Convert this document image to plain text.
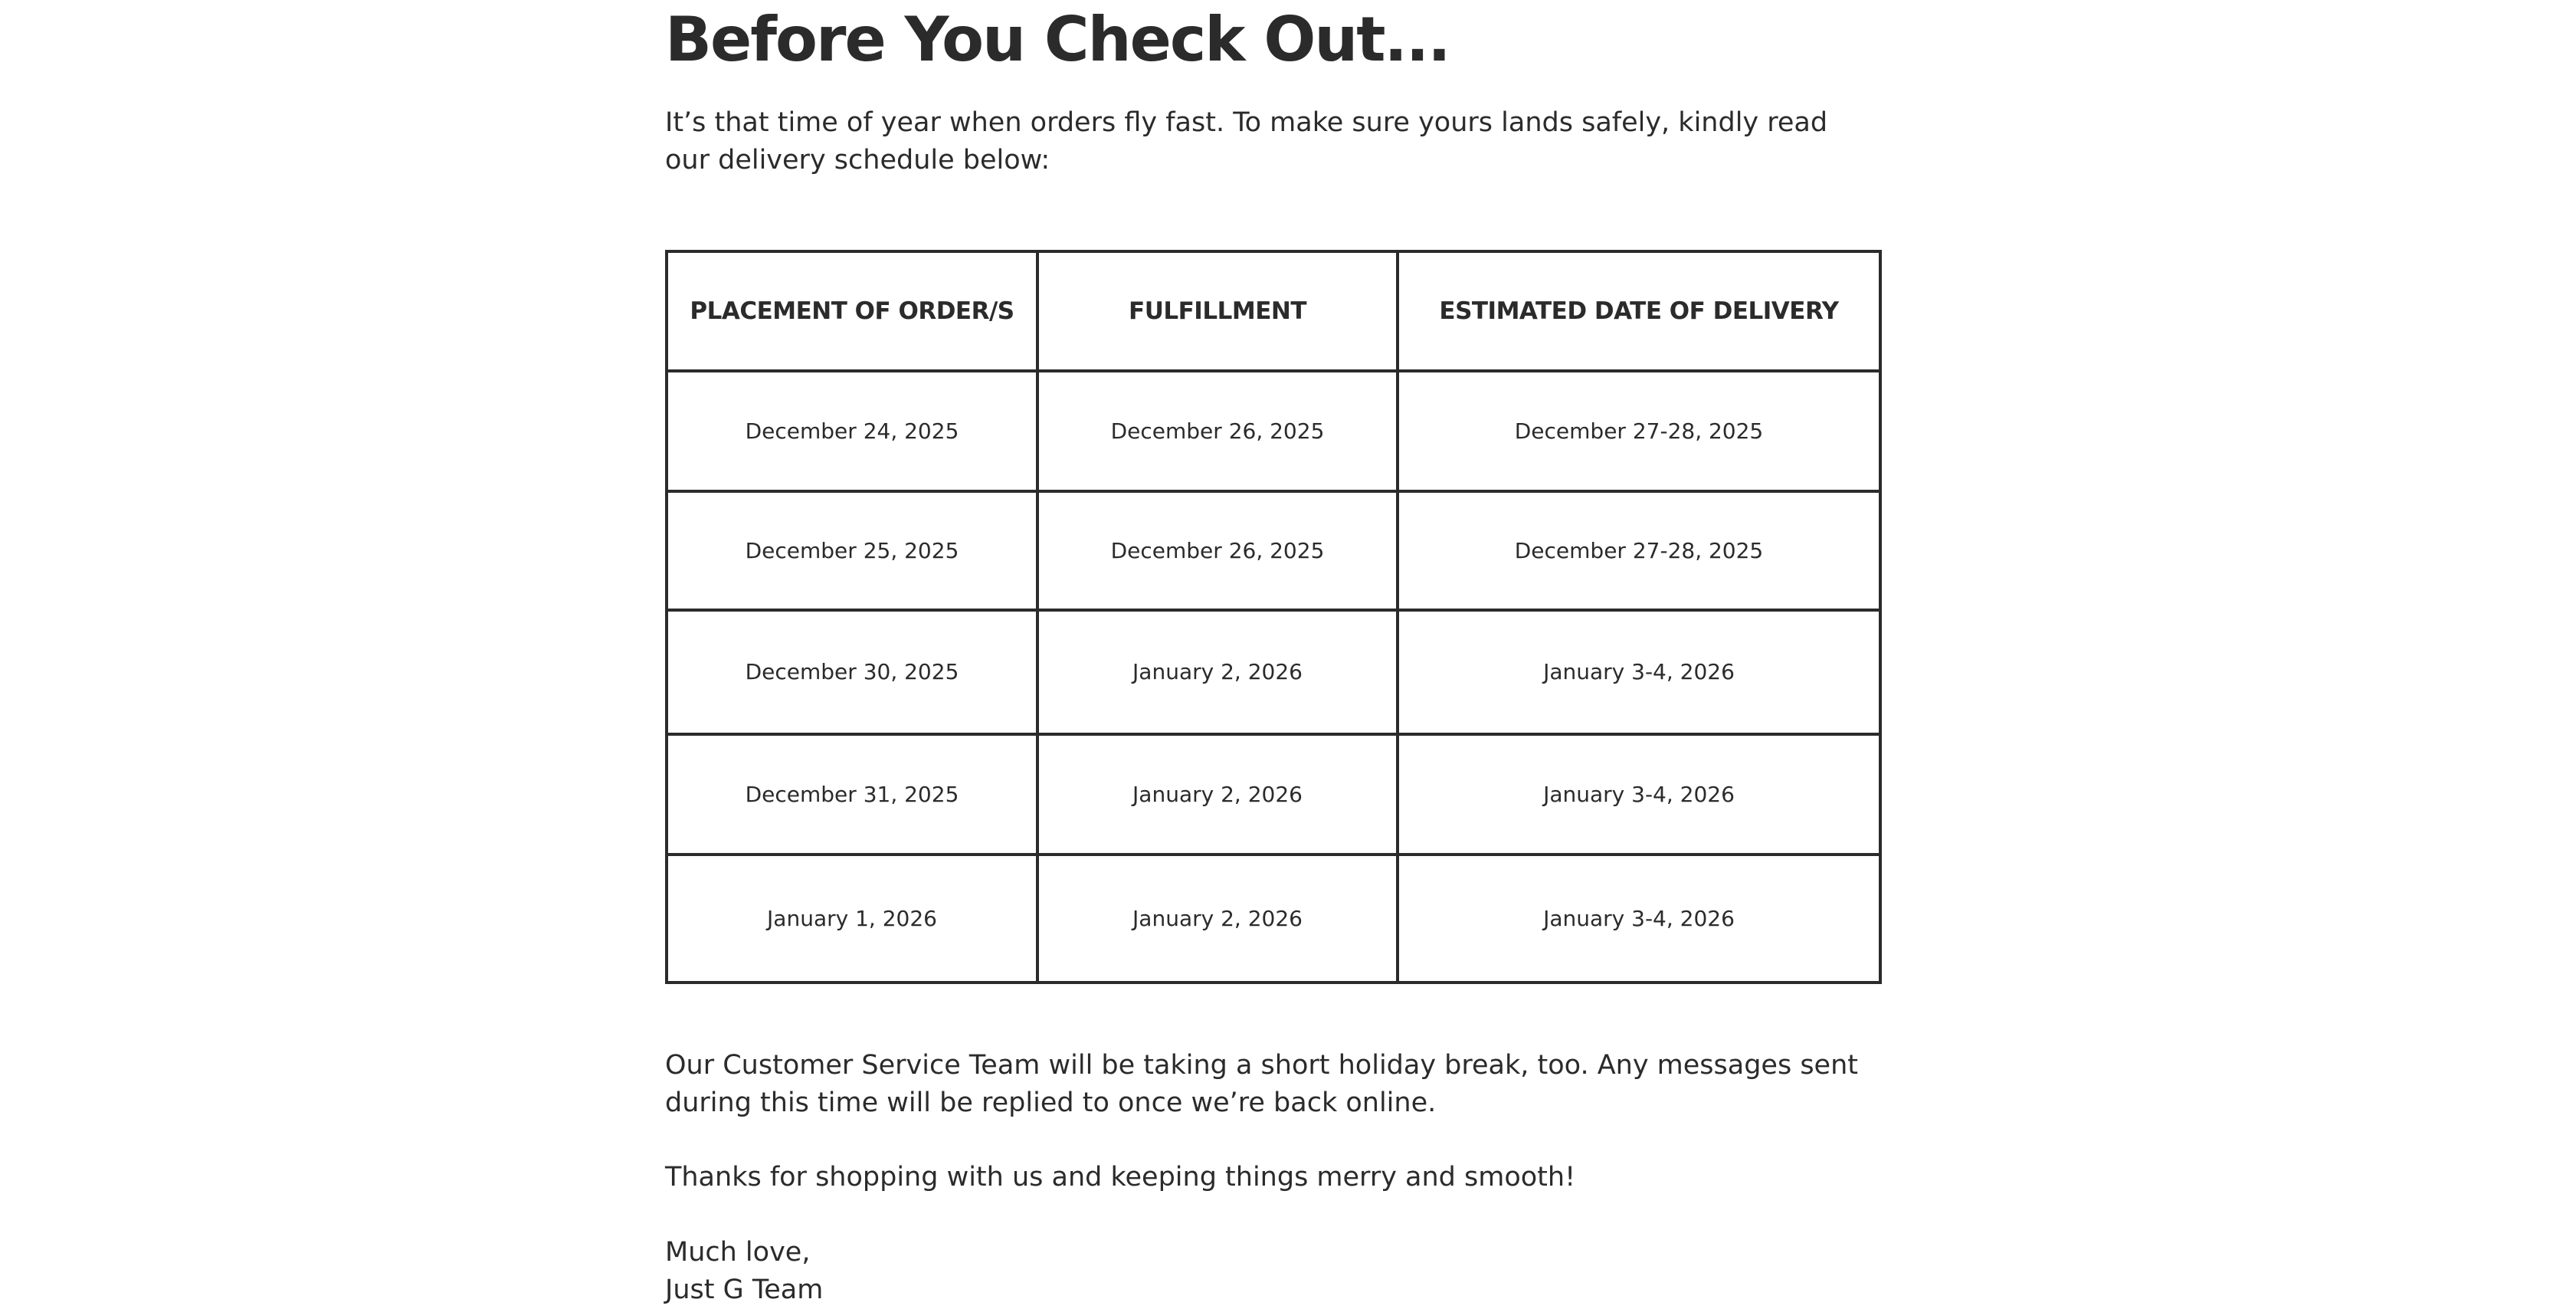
Before You Check Out...

It’s that time of year when orders fly fast. To make sure yours lands safely, kindly read our delivery schedule below:

PLACEMENT OF ORDER/S	FULFILLMENT	ESTIMATED DATE OF DELIVERY
December 24, 2025	December 26, 2025	December 27-28, 2025
December 25, 2025	December 26, 2025	December 27-28, 2025
December 30, 2025	January 2, 2026	January 3-4, 2026
December 31, 2025	January 2, 2026	January 3-4, 2026
January 1, 2026	January 2, 2026	January 3-4, 2026

Our Customer Service Team will be taking a short holiday break, too. Any messages sent during this time will be replied to once we’re back online.

Thanks for shopping with us and keeping things merry and smooth!

Much love,
Just G Team
